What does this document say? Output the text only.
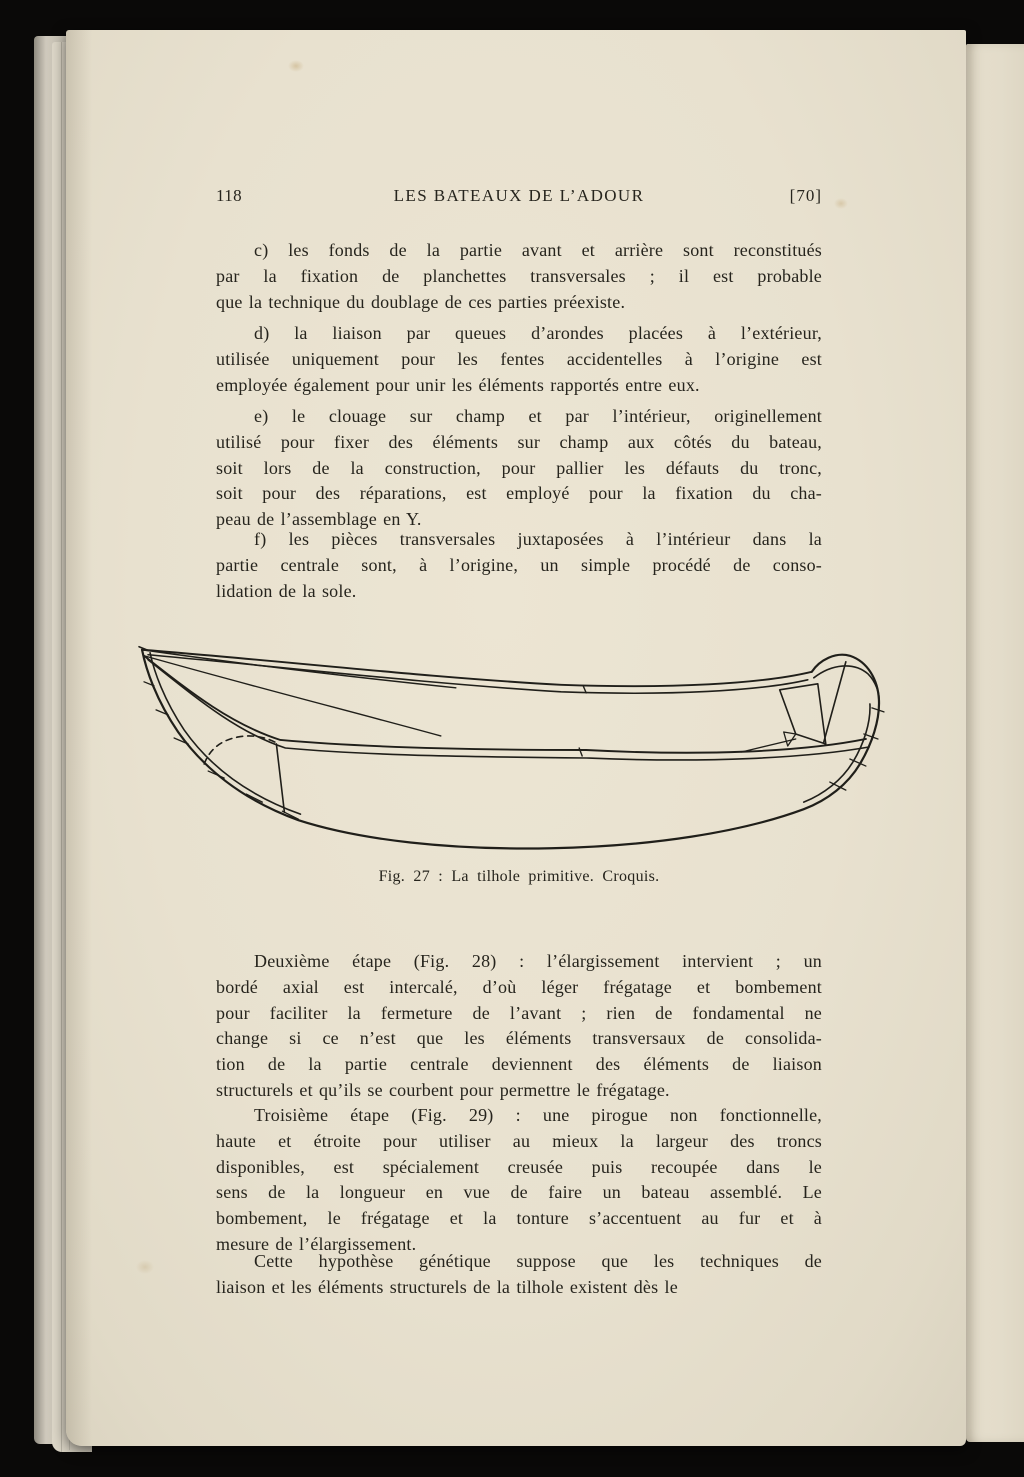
118	LES BATEAUX DE L’ADOUR	[70]
c) les fonds de la partie avant et arrière sont reconstitués
par la fixation de planchettes transversales ; il est probable
que la technique du doublage de ces parties préexiste.
d) la liaison par queues d’arondes placées à l’extérieur,
utilisée uniquement pour les fentes accidentelles à l’origine est
employée également pour unir les éléments rapportés entre eux.
e) le clouage sur champ et par l’intérieur, originellement
utilisé pour fixer des éléments sur champ aux côtés du bateau,
soit lors de la construction, pour pallier les défauts du tronc,
soit pour des réparations, est employé pour la fixation du cha-
peau de l’assemblage en Y.
f) les pièces transversales juxtaposées à l’intérieur dans la
partie centrale sont, à l’origine, un simple procédé de conso-
lidation de la sole.
Fig. 27 : La tilhole primitive. Croquis.
Deuxième étape (Fig. 28) : l’élargissement intervient ; un
bordé axial est intercalé, d’où léger frégatage et bombement
pour faciliter la fermeture de l’avant ; rien de fondamental ne
change si ce n’est que les éléments transversaux de consolida-
tion de la partie centrale deviennent des éléments de liaison
structurels et qu’ils se courbent pour permettre le frégatage.
Troisième étape (Fig. 29) : une pirogue non fonctionnelle,
haute et étroite pour utiliser au mieux la largeur des troncs
disponibles, est spécialement creusée puis recoupée dans le
sens de la longueur en vue de faire un bateau assemblé. Le
bombement, le frégatage et la tonture s’accentuent au fur et à
mesure de l’élargissement.
Cette hypothèse génétique suppose que les techniques de
liaison et les éléments structurels de la tilhole existent dès le
